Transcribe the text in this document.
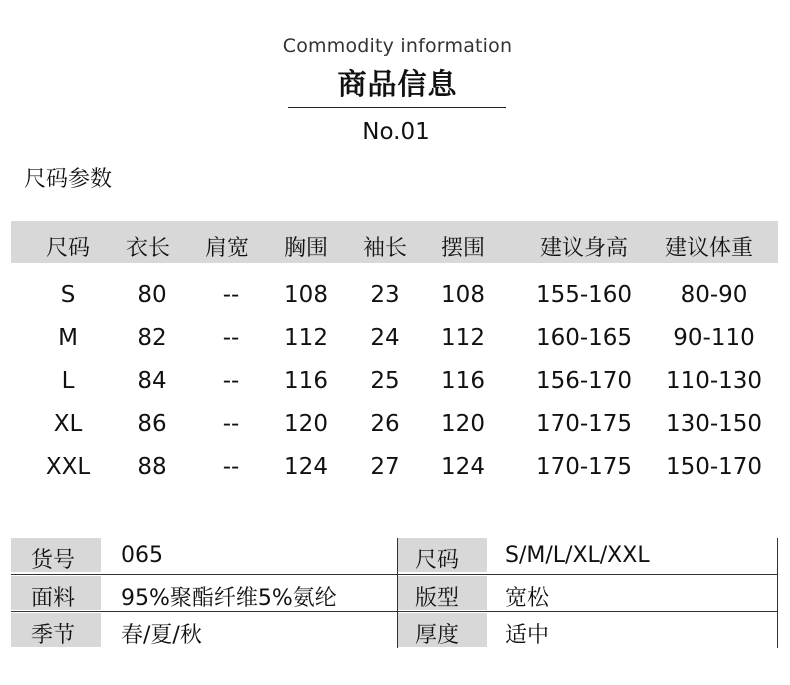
Commodity information
商品信息
No.01
尺码参数
尺码 衣长 肩宽 胸围 袖长 摆围 建议身高 建议体重
S	80 -- 108 23 108 155-160 80-90
M	82 -- 112 24 112 160-165 90-110
L	84 -- 116 25 116 156-170 110-130
XL 86 -- 120 26 120 170-175 130-150
XXL 88 -- 124 27 124 170-175 150-170
货号 065	尺码 S/M/L/XL/XXL
面料 95%聚酯纤维5%氨纶	版型 宽松
季节 春/夏/秋	厚度 适中
